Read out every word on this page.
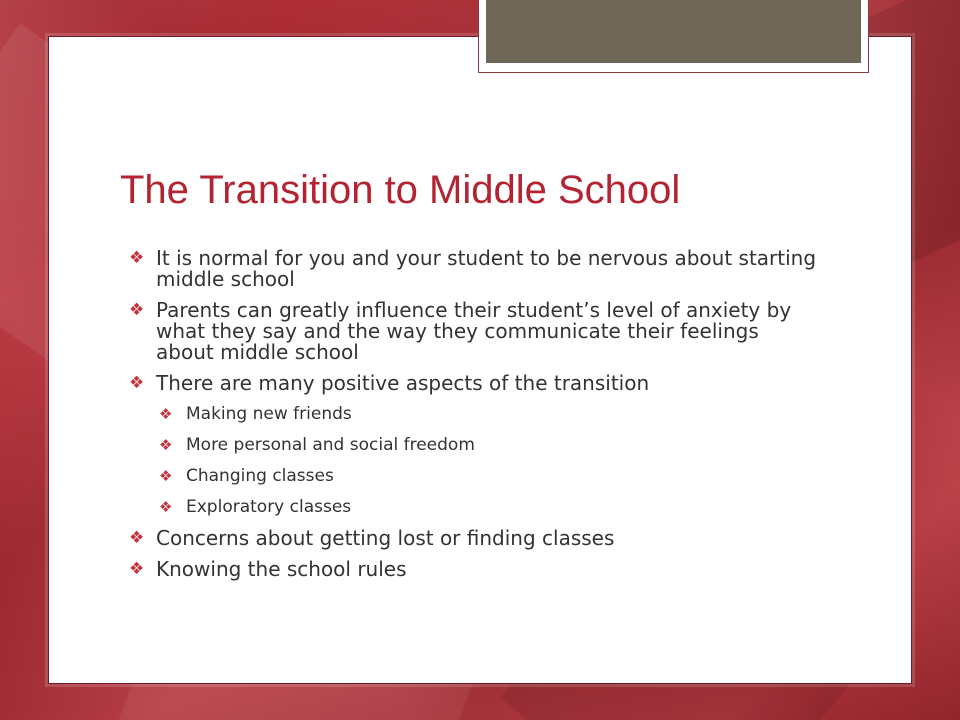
The Transition to Middle School
❖ It is normal for you and your student to be nervous about starting middle school
❖ Parents can greatly influence their student’s level of anxiety by what they say and the way they communicate their feelings about middle school
❖ There are many positive aspects of the transition
❖ Making new friends
❖ More personal and social freedom
❖ Changing classes
❖ Exploratory classes
❖ Concerns about getting lost or finding classes
❖ Knowing the school rules
